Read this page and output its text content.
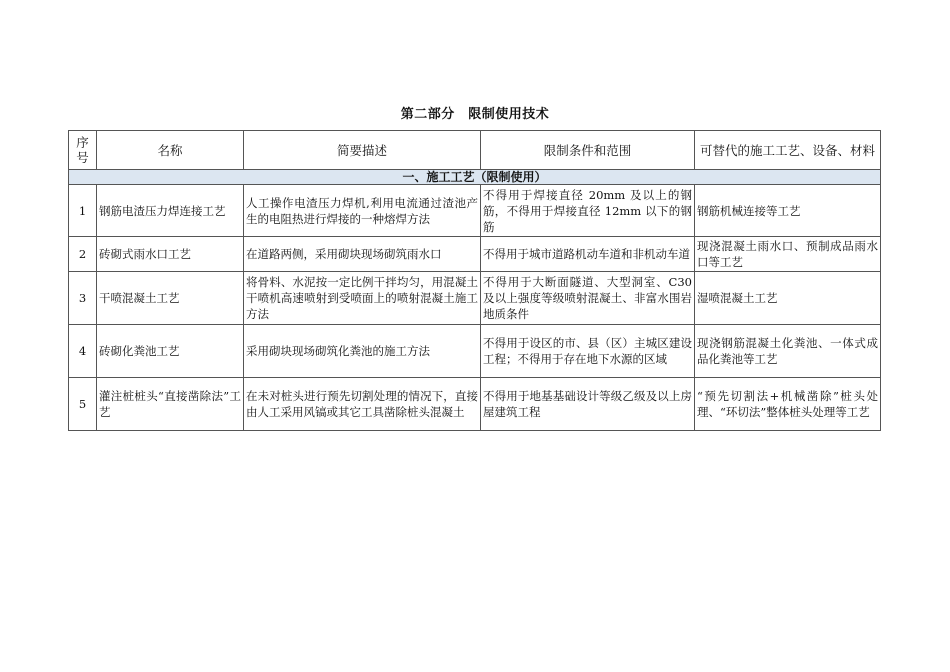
第二部分　限制使用技术
序号	名称	简要描述	限制条件和范围	可替代的施工工艺、设备、材料
一、施工工艺（限制使用）				
1	钢筋电渣压力焊连接工艺	人工操作电渣压力焊机,利用电流通过渣池产生的电阻热进行焊接的一种熔焊方法	不得用于焊接直径 20mm 及以上的钢筋，不得用于焊接直径 12mm 以下的钢筋	钢筋机械连接等工艺
2	砖砌式雨水口工艺	在道路两侧，采用砌块现场砌筑雨水口	不得用于城市道路机动车道和非机动车道	现浇混凝土雨水口、预制成品雨水口等工艺
3	干喷混凝土工艺	将骨料、水泥按一定比例干拌均匀，用混凝土干喷机高速喷射到受喷面上的喷射混凝土施工方法	不得用于大断面隧道、大型洞室、C30 及以上强度等级喷射混凝土、非富水围岩地质条件	湿喷混凝土工艺
4	砖砌化粪池工艺	采用砌块现场砌筑化粪池的施工方法	不得用于设区的市、县（区）主城区建设工程；不得用于存在地下水源的区域	现浇钢筋混凝土化粪池、一体式成品化粪池等工艺
5	灌注桩桩头“直接凿除法”工艺	在未对桩头进行预先切割处理的情况下，直接由人工采用风镐或其它工具凿除桩头混凝土	不得用于地基基础设计等级乙级及以上房屋建筑工程	“预先切割法+机械凿除”桩头处理、“环切法”整体桩头处理等工艺
